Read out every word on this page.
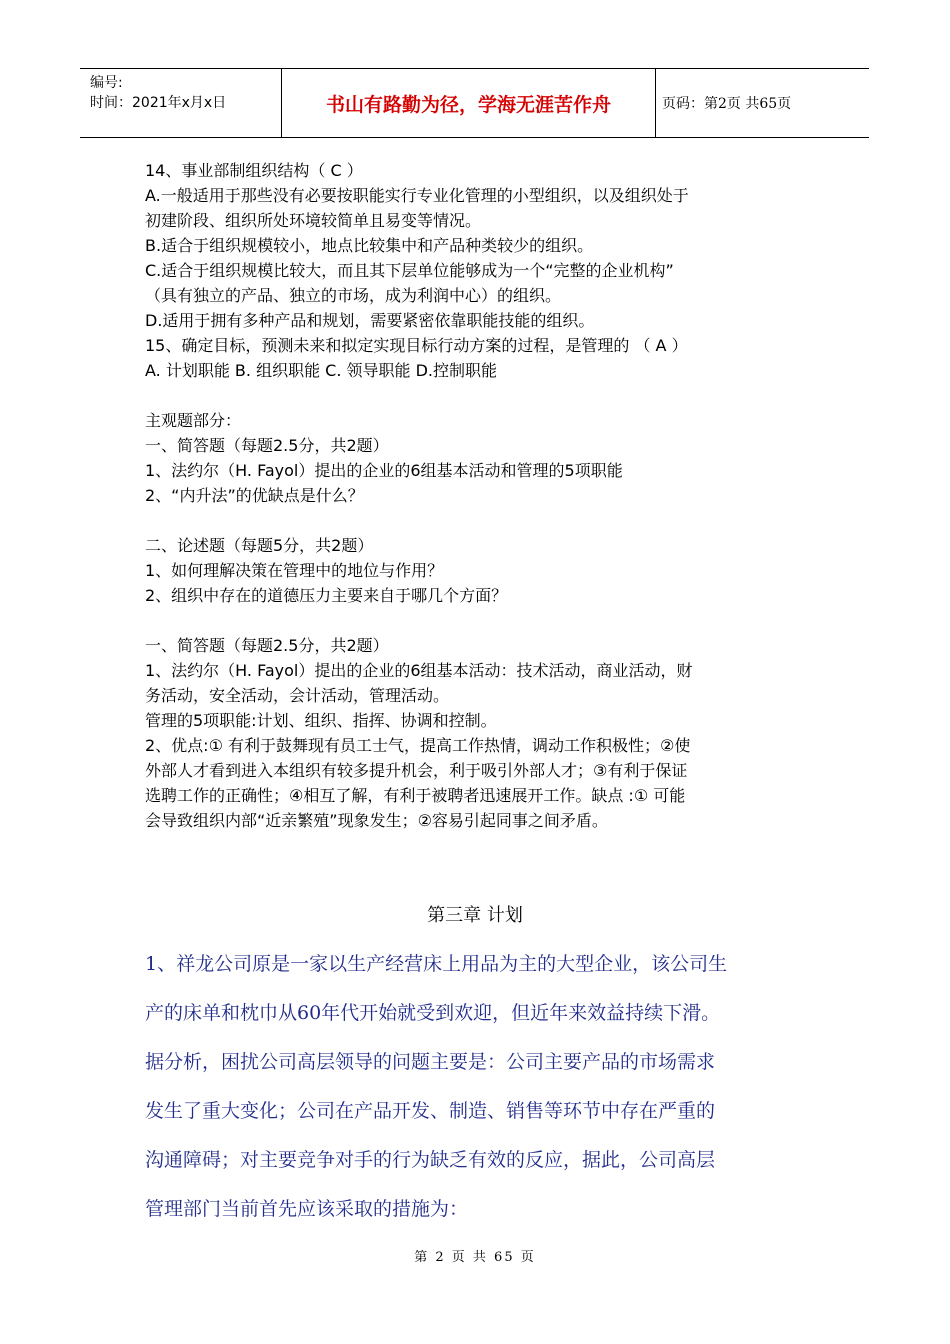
编号:
时间：2021年x月x日	书山有路勤为径，学海无涯苦作舟	页码：第2页 共65页

14、事业部制组织结构（ C ）

A.一般适用于那些没有必要按职能实行专业化管理的小型组织，以及组织处于

初建阶段、组织所处环境较简单且易变等情况。

B.适合于组织规模较小，地点比较集中和产品种类较少的组织。

C.适合于组织规模比较大，而且其下层单位能够成为一个“完整的企业机构”

（具有独立的产品、独立的市场，成为利润中心）的组织。

D.适用于拥有多种产品和规划，需要紧密依靠职能技能的组织。

15、确定目标，预测未来和拟定实现目标行动方案的过程，是管理的 （ A ）

A. 计划职能 B. 组织职能 C. 领导职能 D.控制职能

主观题部分：

一、简答题（每题2.5分，共2题）

1、法约尔（H. Fayol）提出的企业的6组基本活动和管理的5项职能

2、“内升法”的优缺点是什么？

二、论述题（每题5分，共2题）

1、如何理解决策在管理中的地位与作用？

2、组织中存在的道德压力主要来自于哪几个方面？

一、简答题（每题2.5分，共2题）

1、法约尔（H. Fayol）提出的企业的6组基本活动：技术活动，商业活动，财

务活动，安全活动，会计活动，管理活动。

管理的5项职能:计划、组织、指挥、协调和控制。

2、优点:① 有利于鼓舞现有员工士气，提高工作热情，调动工作积极性；②使

外部人才看到进入本组织有较多提升机会，利于吸引外部人才；③有利于保证

选聘工作的正确性；④相互了解，有利于被聘者迅速展开工作。缺点 :① 可能

会导致组织内部“近亲繁殖”现象发生；②容易引起同事之间矛盾。

第三章 计划

1、祥龙公司原是一家以生产经营床上用品为主的大型企业，该公司生

产的床单和枕巾从60年代开始就受到欢迎，但近年来效益持续下滑。

据分析，困扰公司高层领导的问题主要是：公司主要产品的市场需求

发生了重大变化；公司在产品开发、制造、销售等环节中存在严重的

沟通障碍；对主要竞争对手的行为缺乏有效的反应，据此，公司高层

管理部门当前首先应该采取的措施为：

第 2 页 共 65 页
